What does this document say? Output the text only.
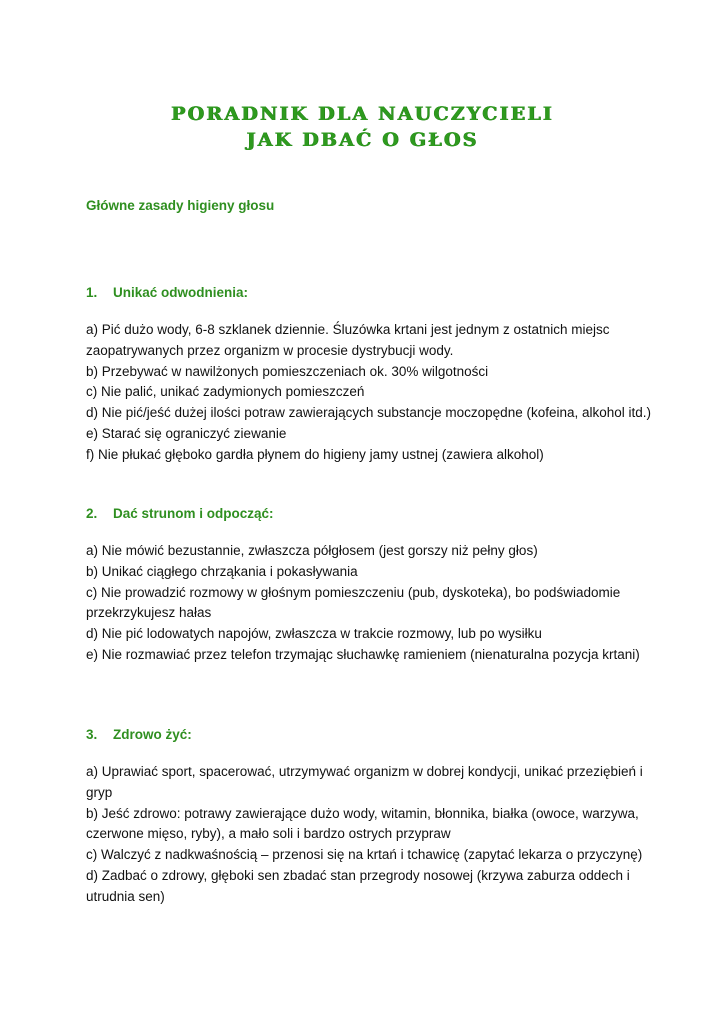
PORADNIK DLA NAUCZYCIELI
JAK DBAĆ O GŁOS

Główne zasady higieny głosu

1. Unikać odwodnienia:

a) Pić dużo wody, 6-8 szklanek dziennie. Śluzówka krtani jest jednym z ostatnich miejsc zaopatrywanych przez organizm w procesie dystrybucji wody.
b) Przebywać w nawilżonych pomieszczeniach ok. 30% wilgotności
c) Nie palić, unikać zadymionych pomieszczeń
d) Nie pić/jeść dużej ilości potraw zawierających substancje moczopędne (kofeina, alkohol itd.)
e) Starać się ograniczyć ziewanie
f) Nie płukać głęboko gardła płynem do higieny jamy ustnej (zawiera alkohol)

2. Dać strunom i odpocząć:

a) Nie mówić bezustannie, zwłaszcza półgłosem (jest gorszy niż pełny głos)
b) Unikać ciągłego chrząkania i pokasływania
c) Nie prowadzić rozmowy w głośnym pomieszczeniu (pub, dyskoteka), bo podświadomie przekrzykujesz hałas
d) Nie pić lodowatych napojów, zwłaszcza w trakcie rozmowy, lub po wysiłku
e) Nie rozmawiać przez telefon trzymając słuchawkę ramieniem (nienaturalna pozycja krtani)

3. Zdrowo żyć:

a) Uprawiać sport, spacerować, utrzymywać organizm w dobrej kondycji, unikać przeziębień i gryp
b) Jeść zdrowo: potrawy zawierające dużo wody, witamin, błonnika, białka (owoce, warzywa, czerwone mięso, ryby), a mało soli i bardzo ostrych przypraw
c) Walczyć z nadkwaśnością – przenosi się na krtań i tchawicę (zapytać lekarza o przyczynę)
d) Zadbać o zdrowy, głęboki sen zbadać stan przegrody nosowej (krzywa zaburza oddech i utrudnia sen)
